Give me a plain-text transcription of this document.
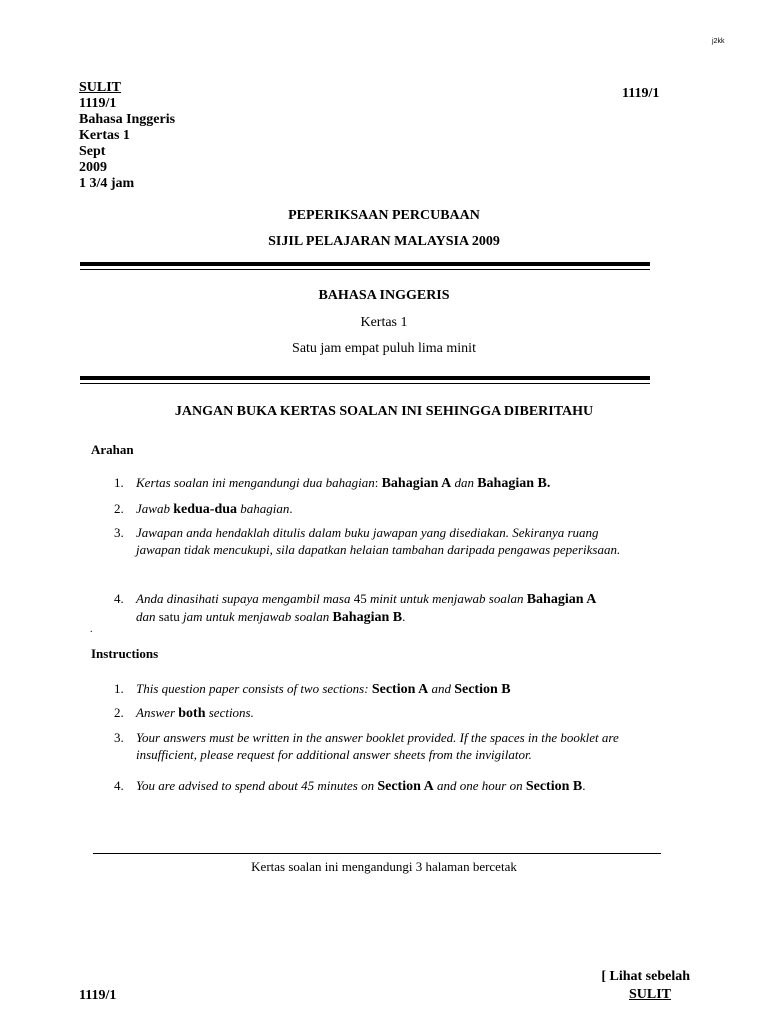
j2kk
SULIT
1119/1
Bahasa Inggeris
Kertas 1
Sept
2009
1 3/4 jam
1119/1
PEPERIKSAAN PERCUBAAN
SIJIL PELAJARAN MALAYSIA 2009
BAHASA INGGERIS
Kertas 1
Satu jam empat puluh lima minit
JANGAN BUKA KERTAS SOALAN INI SEHINGGA DIBERITAHU
Arahan
1. Kertas soalan ini mengandungi dua bahagian: Bahagian A dan Bahagian B.
2. Jawab kedua-dua bahagian.
3. Jawapan anda hendaklah ditulis dalam buku jawapan yang disediakan. Sekiranya ruang jawapan tidak mencukupi, sila dapatkan helaian tambahan daripada pengawas peperiksaan.
4. Anda dinasihati supaya mengambil masa 45 minit untuk menjawab soalan Bahagian A
dan satu jam untuk menjawab soalan Bahagian B.
.
Instructions
1. This question paper consists of two sections: Section A and Section B
2. Answer both sections.
3. Your answers must be written in the answer booklet provided. If the spaces in the booklet are insufficient, please request for additional answer sheets from the invigilator.
4. You are advised to spend about 45 minutes on Section A and one hour on Section B.
Kertas soalan ini mengandungi 3 halaman bercetak
[ Lihat sebelah
1119/1	SULIT
